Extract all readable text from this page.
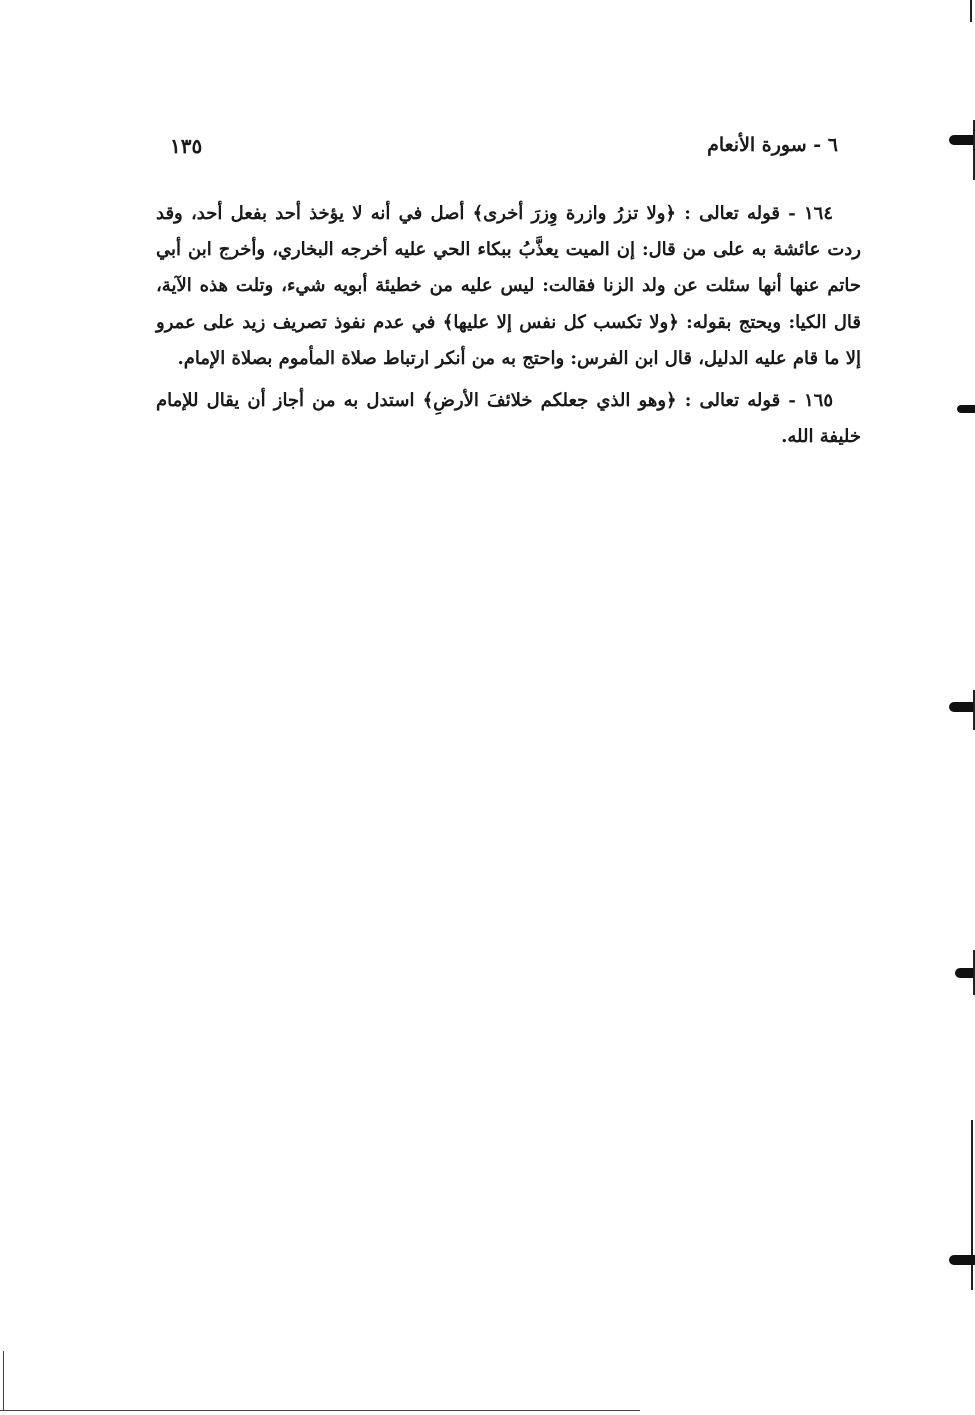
٦ - سورة الأنعام
١٣٥

١٦٤ - قوله تعالى : ﴿ولا تزرُ وازرة وِزرَ أخرى﴾ أصل في أنه لا يؤخذ أحد بفعل أحد، وقد ردت عائشة به على من قال: إن الميت يعذَّبُ ببكاء الحي عليه أخرجه البخاري، وأخرج ابن أبي حاتم عنها أنها سئلت عن ولد الزنا فقالت: ليس عليه من خطيئة أبويه شيء، وتلت هذه الآية، قال الكيا: ويحتج بقوله: ﴿ولا تكسب كل نفس إلا عليها﴾ في عدم نفوذ تصريف زيد على عمرو إلا ما قام عليه الدليل، قال ابن الفرس: واحتج به من أنكر ارتباط صلاة المأموم بصلاة الإمام.

١٦٥ - قوله تعالى : ﴿وهو الذي جعلكم خلائفَ الأرضِ﴾ استدل به من أجاز أن يقال للإمام خليفة الله.
